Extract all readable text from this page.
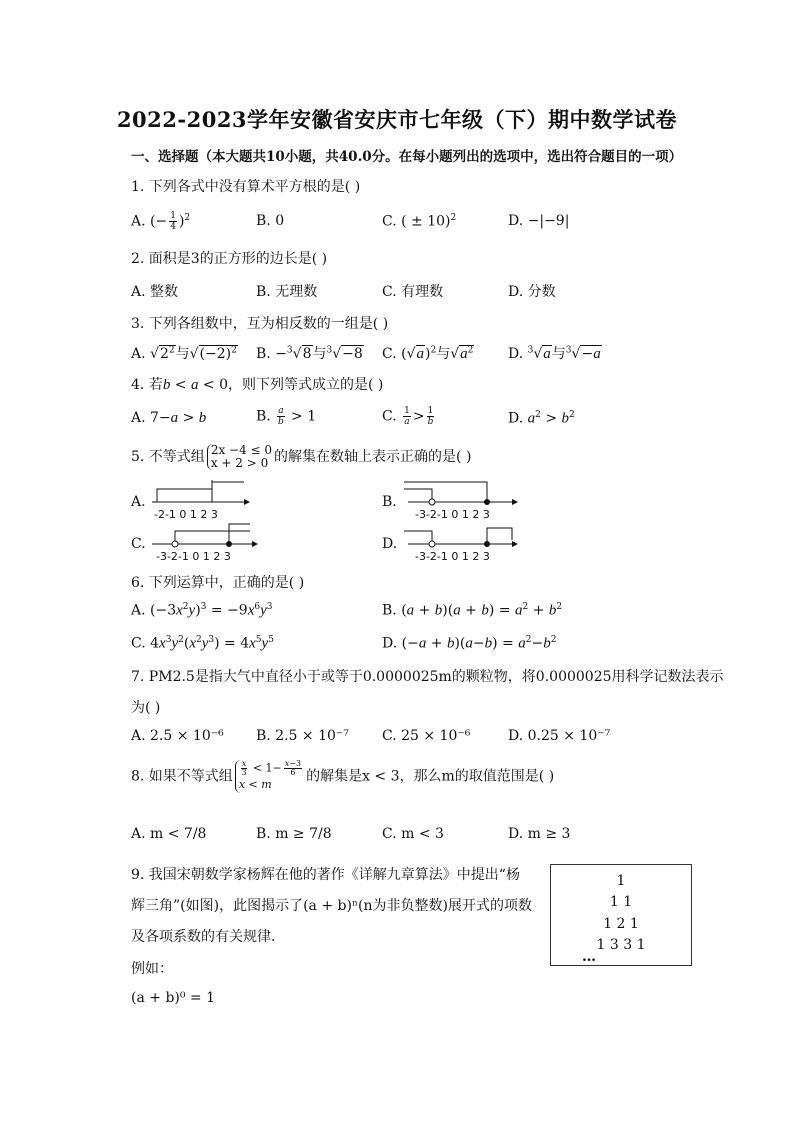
2022-2023学年安徽省安庆市七年级（下）期中数学试卷
一、选择题（本大题共10小题，共40.0分。在每小题列出的选项中，选出符合题目的一项）
1. 下列各式中没有算术平方根的是( )
A. (− $\frac{1}{4} )^2$	B. 0	C. ( ± 10)$^2$	D. −|−9|
2. 面积是3的正方形的边长是( )
A. 整数	B. 无理数	C. 有理数	D. 分数
3. 下列各组数中，互为相反数的一组是( )
A. $√2^2$与$√(-2)^2$ B. −$^3$√8与$^3$√−8 C. $(√a)^2$与$√a^2$ D. $^3$√a与$^3$√−a
4. 若b < a < 0，则下列等式成立的是( )
A. 7−a > b	B. $\frac{a}{b} > 1$	C. $\frac{1}{a} > \frac{1}{b}$	D. $a^2 > b^2$
5. 不等式组 2x −4 ≤ 0
x + 2 > 0 的解集在数轴上表示正确的是( )
A.	B.
C.	D.
-2-1 0 1 2 3	-3-2-1 0 1 2 3
-3-2-1 0 1 2 3	-3-2-1 0 1 2 3
6. 下列运算中，正确的是( )
A. $(-3x^2y)^3 = -9x^6y^3$	B. $(a + b)(a + b) = a^2 + b^2$
C. $4x^3y^2(x^2y^3) = 4x^5y^5$	D. $(-a + b)(a-b) = a^2-b^2$
7. PM2.5是指大气中直径小于或等于0.0000025m的颗粒物，将0.0000025用科学记数法表示
为( )
A. 2.5 × 10⁻⁶ B. 2.5 × 10⁻⁷ C. 25 × 10⁻⁶	D. 0.25 × 10⁻⁷
8. 如果不等式组 $\frac{x}{3} < 1- \frac{x-3}{6}$

x < m 的解集是x < 3，那么m的取值范围是( )
A. m < 7/8	B. m ≥ 7/8	C. m < 3	D. m ≥ 3
9. 我国宋朝数学家杨辉在他的著作《详解九章算法》中提出“杨
辉三角”(如图)，此图揭示了(a + b)ⁿ(n为非负整数)展开式的项数
及各项系数的有关规律．
例如：
(a + b)⁰ = 1
1
1 1
1 2 1
1 3 3 1
…
